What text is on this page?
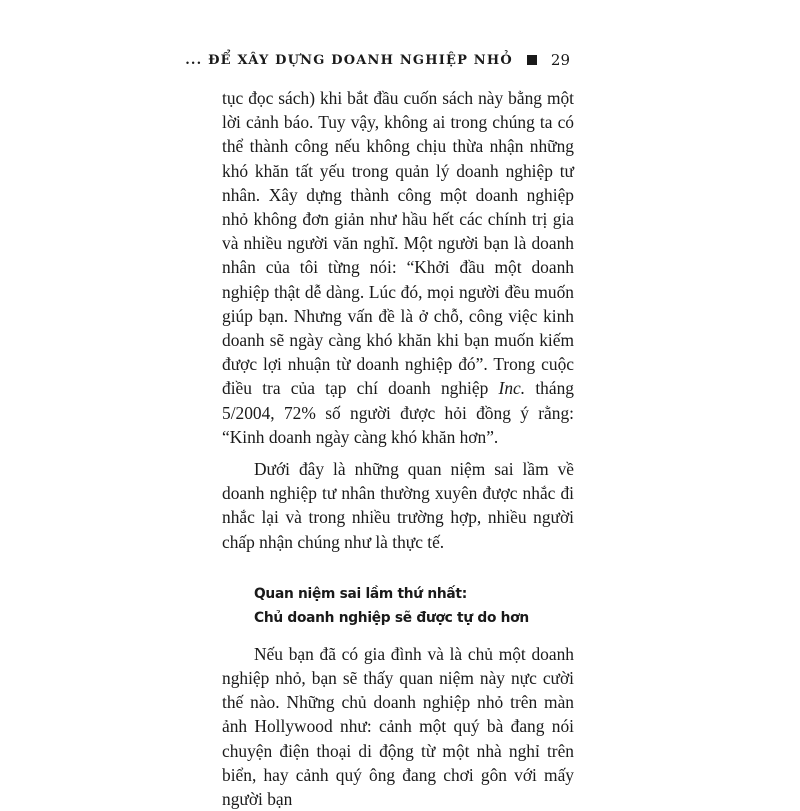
... ĐỂ XÂY DỰNG DOANH NGHIỆP NHỎ	29

tục đọc sách) khi bắt đầu cuốn sách này bằng một lời cảnh báo. Tuy vậy, không ai trong chúng ta có thể thành công nếu không chịu thừa nhận những khó khăn tất yếu trong quản lý doanh nghiệp tư nhân. Xây dựng thành công một doanh nghiệp nhỏ không đơn giản như hầu hết các chính trị gia và nhiều người văn nghĩ. Một người bạn là doanh nhân của tôi từng nói: “Khởi đầu một doanh nghiệp thật dễ dàng. Lúc đó, mọi người đều muốn giúp bạn. Nhưng vấn đề là ở chỗ, công việc kinh doanh sẽ ngày càng khó khăn khi bạn muốn kiếm được lợi nhuận từ doanh nghiệp đó”. Trong cuộc điều tra của tạp chí doanh nghiệp Inc. tháng 5/2004, 72% số người được hỏi đồng ý rằng: “Kinh doanh ngày càng khó khăn hơn”.

Dưới đây là những quan niệm sai lầm về doanh nghiệp tư nhân thường xuyên được nhắc đi nhắc lại và trong nhiều trường hợp, nhiều người chấp nhận chúng như là thực tế.

Quan niệm sai lầm thứ nhất:
Chủ doanh nghiệp sẽ được tự do hơn

Nếu bạn đã có gia đình và là chủ một doanh nghiệp nhỏ, bạn sẽ thấy quan niệm này nực cười thế nào. Những chủ doanh nghiệp nhỏ trên màn ảnh Hollywood như: cảnh một quý bà đang nói chuyện điện thoại di động từ một nhà nghỉ trên biển, hay cảnh quý ông đang chơi gôn với mấy người bạn
